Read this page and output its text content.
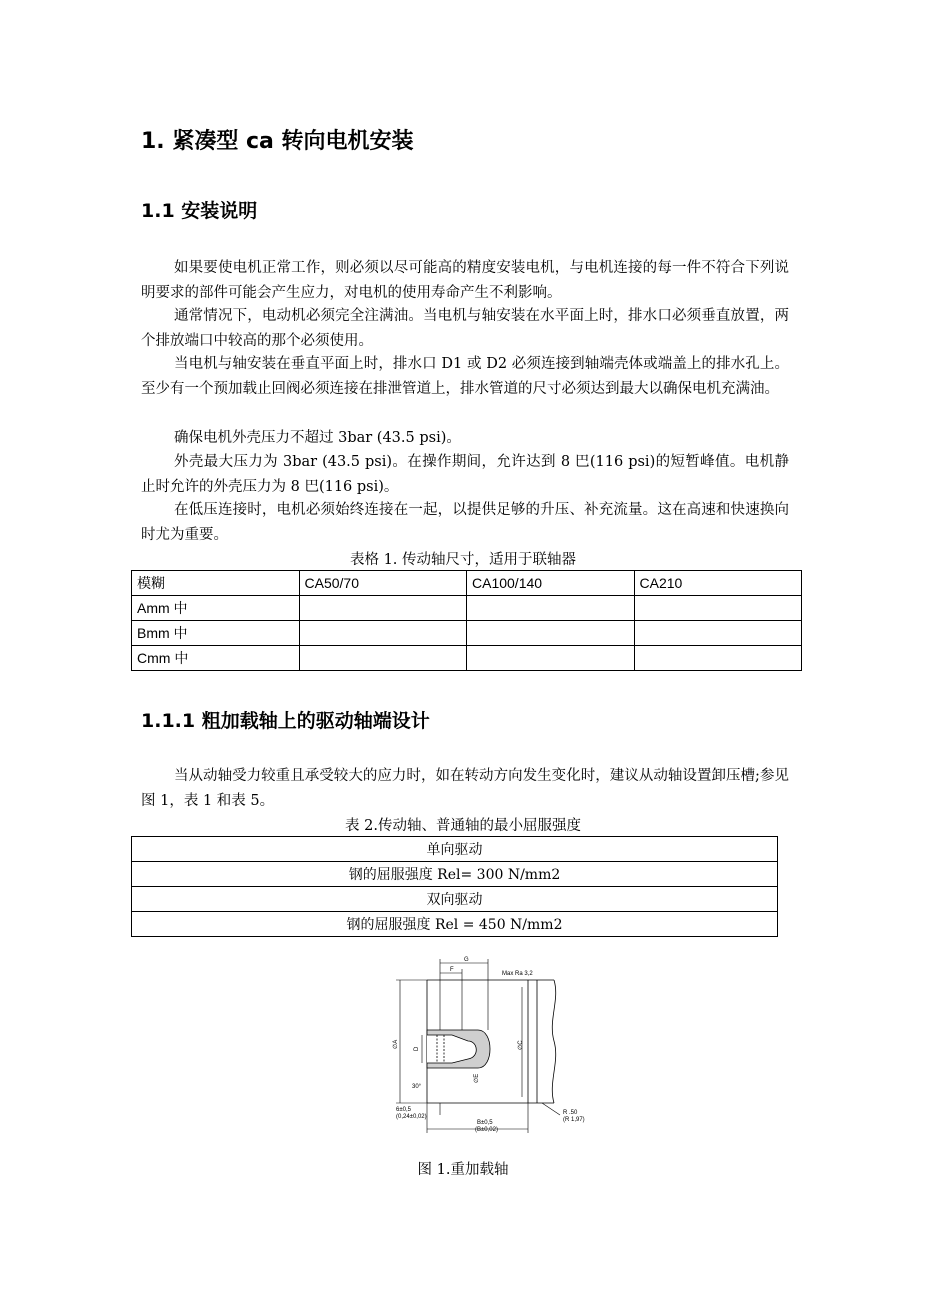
1. 紧凑型 ca 转向电机安装
1.1 安装说明

如果要使电机正常工作，则必须以尽可能高的精度安装电机，与电机连接的每一件不符合下列说明要求的部件可能会产生应力，对电机的使用寿命产生不利影响。

通常情况下，电动机必须完全注满油。当电机与轴安装在水平面上时，排水口必须垂直放置，两个排放端口中较高的那个必须使用。

当电机与轴安装在垂直平面上时，排水口 D1 或 D2 必须连接到轴端壳体或端盖上的排水孔上。至少有一个预加载止回阀必须连接在排泄管道上，排水管道的尺寸必须达到最大以确保电机充满油。

确保电机外壳压力不超过 3bar (43.5 psi)。

外壳最大压力为 3bar (43.5 psi)。在操作期间，允许达到 8 巴(116 psi)的短暂峰值。电机静止时允许的外壳压力为 8 巴(116 psi)。

在低压连接时，电机必须始终连接在一起，以提供足够的升压、补充流量。这在高速和快速换向时尤为重要。

表格 1. 传动轴尺寸，适用于联轴器

模糊	CA50/70	CA100/140	CA210
Amm 中			
Bmm 中			
Cmm 中			
1.1.1 粗加载轴上的驱动轴端设计

当从动轴受力较重且承受较大的应力时，如在转动方向发生变化时，建议从动轴设置卸压槽;参见图 1，表 1 和表 5。

表 2.传动轴、普通轴的最小屈服强度

单向驱动
钢的屈服强度 Rel= 300 N/mm2
双向驱动
钢的屈服强度 Rel = 450 N/mm2
G
F
Max Ra 3,2
∅A	D
∅E
∅C
30°
6±0,5
(0,24±0,02)
B±0,5
(B±0,02)
R .50
(R 1,97)

图 1.重加载轴
